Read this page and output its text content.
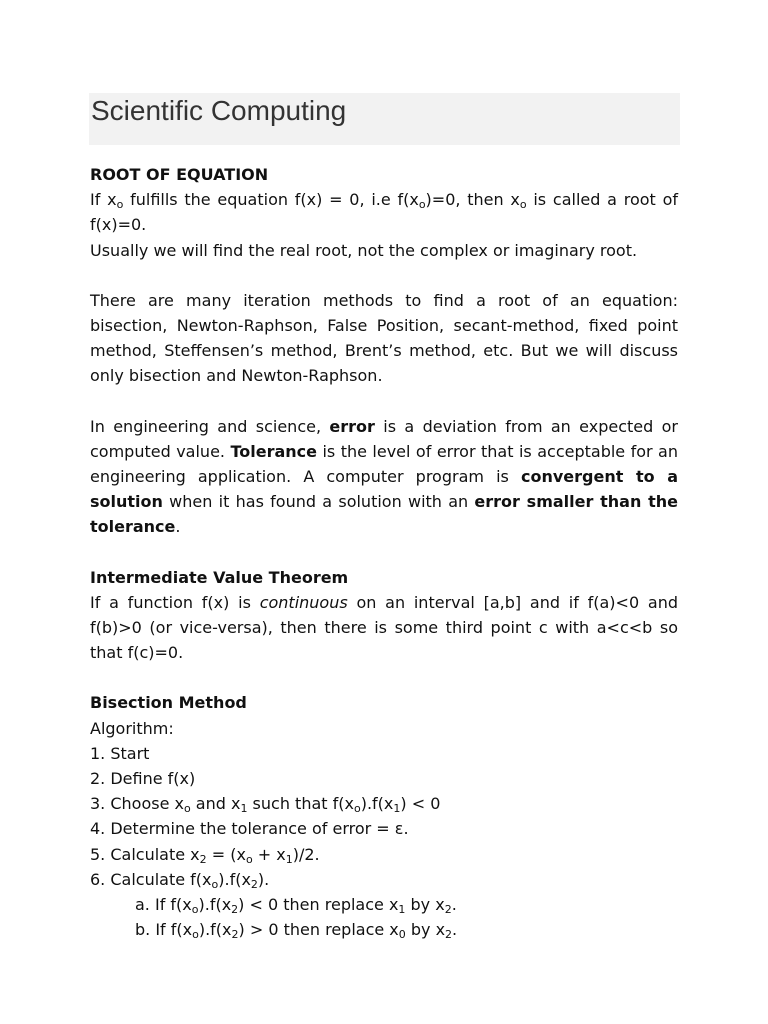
Scientific Computing

ROOT OF EQUATION

If $x_o$ fulfills the equation f(x) = 0, i.e $f(x_o)=0$, then $x_o$ is called a root of f(x)=0.

Usually we will find the real root, not the complex or imaginary root.

There are many iteration methods to find a root of an equation: bisection, Newton-Raphson, False Position, secant-method, fixed point method, Steffensen’s method, Brent’s method, etc. But we will discuss only bisection and Newton-Raphson.

In engineering and science, error is a deviation from an expected or computed value. Tolerance is the level of error that is acceptable for an engineering application. A computer program is convergent to a solution when it has found a solution with an error smaller than the tolerance.

Intermediate Value Theorem

If a function f(x) is continuous on an interval [a,b] and if f(a)<0 and f(b)>0 (or vice-versa), then there is some third point c with a<c<b so that f(c)=0.

Bisection Method

Algorithm:

1. Start

2. Define f(x)

3. Choose $x_o$ and $x_1$ such that $f(x_o).f(x_1) < 0$

4. Determine the tolerance of error = ε.

5. Calculate $x_2 = (x_o + x_1)/2$.

6. Calculate $f(x_o).f(x_2)$.

a. If $f(x_o).f(x_2) < 0$ then replace $x_1$ by $x_2$.

b. If $f(x_o).f(x_2) > 0$ then replace $x_0$ by $x_2$.
